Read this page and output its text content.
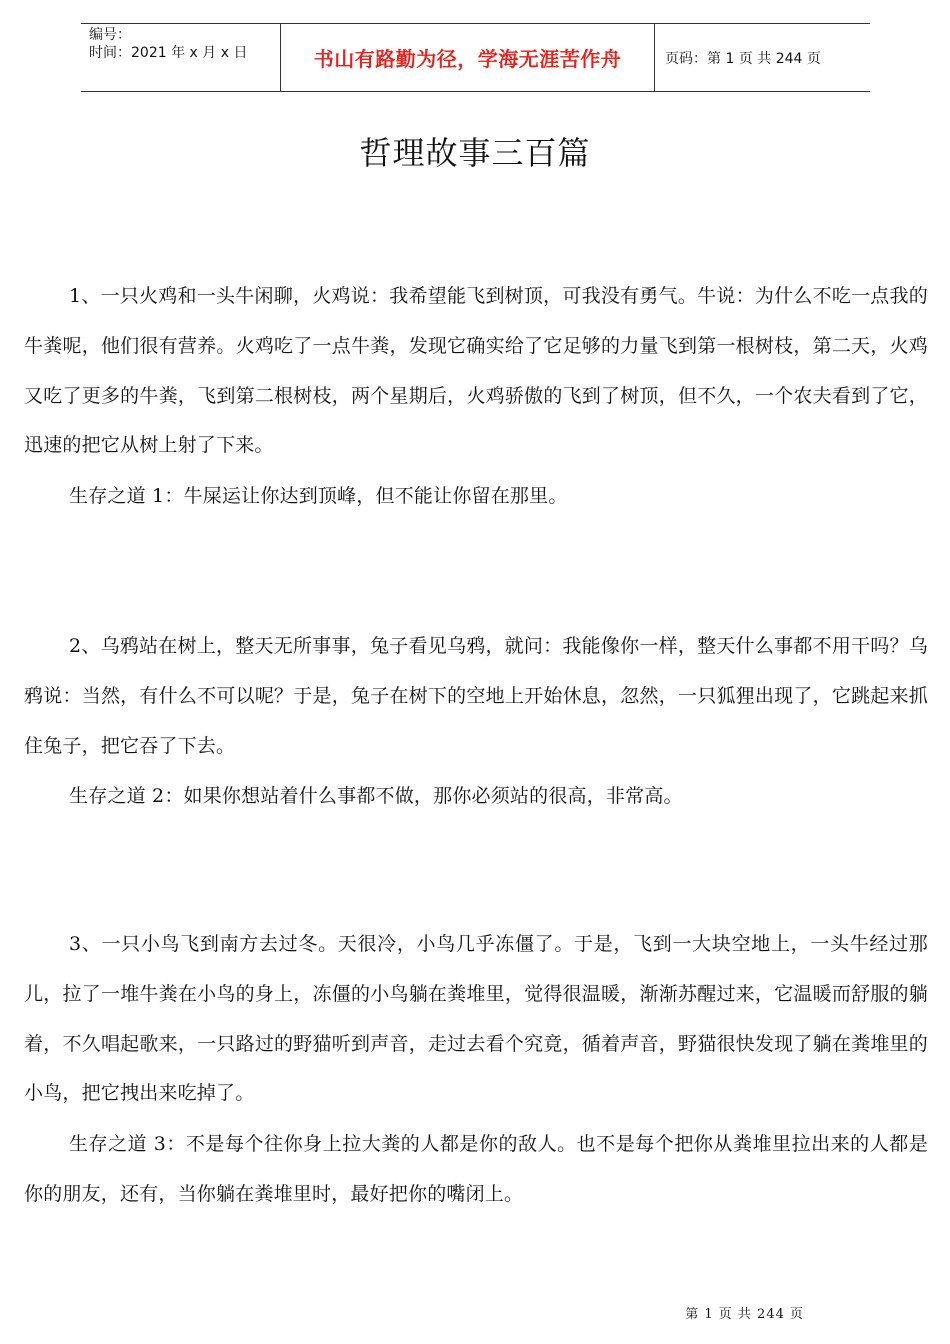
编号：
时间：2021 年 x 月 x 日	书山有路勤为径，学海无涯苦作舟	页码：第 1 页 共 244 页
哲理故事三百篇

1、一只火鸡和一头牛闲聊，火鸡说：我希望能飞到树顶，可我没有勇气。牛说：为什么不吃一点我的牛粪呢，他们很有营养。火鸡吃了一点牛粪，发现它确实给了它足够的力量飞到第一根树枝，第二天，火鸡又吃了更多的牛粪，飞到第二根树枝，两个星期后，火鸡骄傲的飞到了树顶，但不久，一个农夫看到了它，迅速的把它从树上射了下来。

生存之道 1：牛屎运让你达到顶峰，但不能让你留在那里。

2、乌鸦站在树上，整天无所事事，兔子看见乌鸦，就问：我能像你一样，整天什么事都不用干吗？乌鸦说：当然，有什么不可以呢？于是，兔子在树下的空地上开始休息，忽然，一只狐狸出现了，它跳起来抓住兔子，把它吞了下去。

生存之道 2：如果你想站着什么事都不做，那你必须站的很高，非常高。

3、一只小鸟飞到南方去过冬。天很冷，小鸟几乎冻僵了。于是，飞到一大块空地上，一头牛经过那儿，拉了一堆牛粪在小鸟的身上，冻僵的小鸟躺在粪堆里，觉得很温暖，渐渐苏醒过来，它温暖而舒服的躺着，不久唱起歌来，一只路过的野猫听到声音，走过去看个究竟，循着声音，野猫很快发现了躺在粪堆里的小鸟，把它拽出来吃掉了。

生存之道 3：不是每个往你身上拉大粪的人都是你的敌人。也不是每个把你从粪堆里拉出来的人都是你的朋友，还有，当你躺在粪堆里时，最好把你的嘴闭上。

第 1 页 共 244 页
